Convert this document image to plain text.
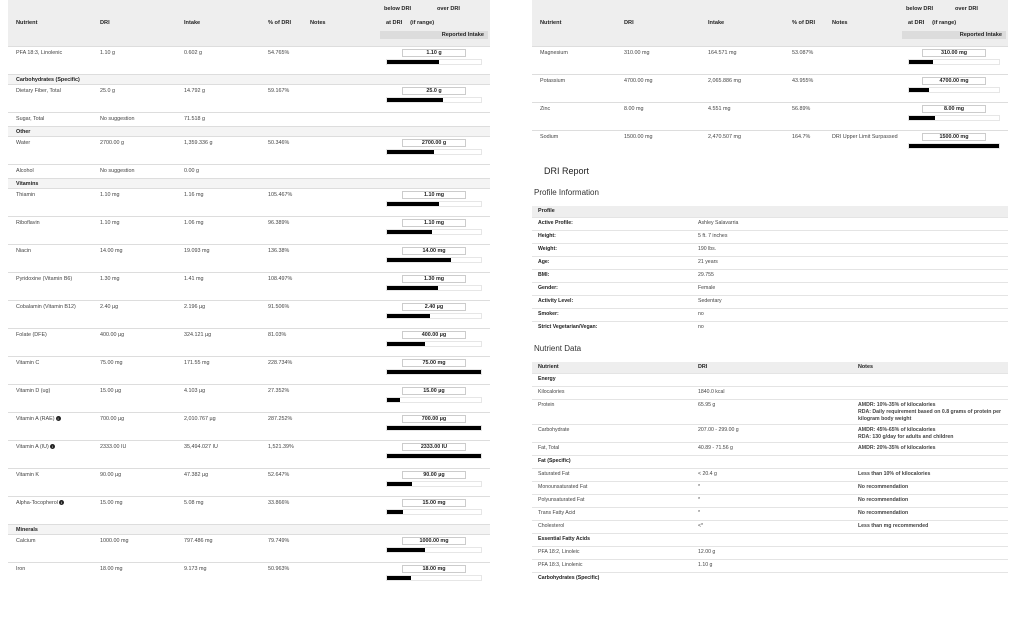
Nutrient	DRI	Intake	% of DRI	Notes	below DRI over DRI
at DRI (if range)
Reported Intake

PFA 18:3, Linolenic	1.10 g	0.602 g	54.765%		1.10 g

Carbohydrates (Specific)					
Dietary Fiber, Total	25.0 g	14.792 g	59.167%		25.0 g

Sugar, Total	No suggestion	71.518 g			
Other					
Water	2700.00 g	1,359.336 g	50.346%		2700.00 g

Alcohol	No suggestion	0.00 g			
Vitamins					
Thiamin	1.10 mg	1.16 mg	105.467%		1.10 mg

Riboflavin	1.10 mg	1.06 mg	96.389%		1.10 mg

Niacin	14.00 mg	19.093 mg	136.38%		14.00 mg

Pyridoxine (Vitamin B6)	1.30 mg	1.41 mg	108.497%		1.30 mg

Cobalamin (Vitamin B12)	2.40 µg	2.196 µg	91.506%		2.40 µg

Folate (DFE)	400.00 µg	324.121 µg	81.03%		400.00 µg

Vitamin C	75.00 mg	171.55 mg	228.734%		75.00 mg

Vitamin D (ug)	15.00 µg	4.103 µg	27.352%		15.00 µg

Vitamin A (RAE) i	700.00 µg	2,010.767 µg	287.252%		700.00 µg

Vitamin A (IU) i	2333.00 IU	35,494.027 IU	1,521.39%		2333.00 IU

Vitamin K	90.00 µg	47.382 µg	52.647%		90.00 µg

Alpha-Tocopherol i	15.00 mg	5.08 mg	33.866%		15.00 mg

Minerals					
Calcium	1000.00 mg	797.486 mg	79.749%		1000.00 mg

Iron	18.00 mg	9.173 mg	50.963%		18.00 mg
Nutrient	DRI	Intake	% of DRI	Notes	below DRI over DRI
at DRI (if range)
Reported Intake

Magnesium	310.00 mg	164.571 mg	53.087%		310.00 mg

Potassium	4700.00 mg	2,065.886 mg	43.955%		4700.00 mg

Zinc	8.00 mg	4.551 mg	56.89%		8.00 mg

Sodium	1500.00 mg	2,470.507 mg	164.7%	DRI Upper Limit Surpassed	1500.00 mg
DRI Report
Profile Information
Profile	
Active Profile:	Ashley Salavarria
Height:	5 ft. 7 inches
Weight:	190 lbs.
Age:	21 years
BMI:	29.755
Gender:	Female
Activity Level:	Sedentary
Smoker:	no
Strict Vegetarian/Vegan:	no
Nutrient Data
Nutrient	DRI	Notes
Energy		
Kilocalories	1840.0 kcal	
Protein	65.95 g	AMDR: 10%-35% of kilocalories
RDA: Daily requirement based on 0.8 grams of protein per kilogram body weight
Carbohydrate	207.00 - 299.00 g	AMDR: 45%-65% of kilocalories
RDA: 130 g/day for adults and children
Fat, Total	40.89 - 71.56 g	AMDR: 20%-35% of kilocalories
Fat (Specific)		
Saturated Fat	< 20.4 g	Less than 10% of kilocalories
Monounsaturated Fat	*	No recommendation
Polyunsaturated Fat	*	No recommendation
Trans Fatty Acid	*	No recommendation
Cholesterol	<*	Less than mg recommended
Essential Fatty Acids		
PFA 18:2, Linoleic	12.00 g	
PFA 18:3, Linolenic	1.10 g	
Carbohydrates (Specific)		
